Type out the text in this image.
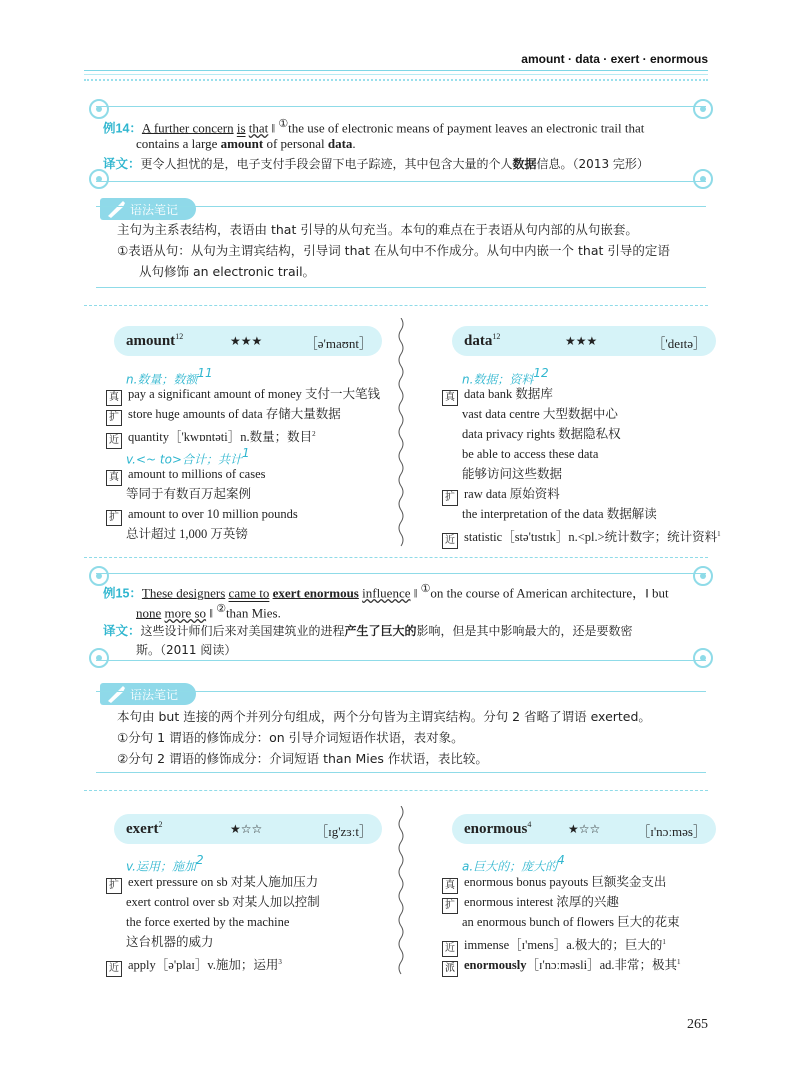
amount · data · exert · enormous
例14：A further concern is that ‖ ①the use of electronic means of payment leaves an electronic trail that
contains a large amount of personal data.
译文：更令人担忧的是，电子支付手段会留下电子踪迹，其中包含大量的个人数据信息。（2013 完形）
语法笔记
主句为主系表结构，表语由 that 引导的从句充当。本句的难点在于表语从句内部的从句嵌套。
①表语从句：从句为主谓宾结构，引导词 that 在从句中不作成分。从句中内嵌一个 that 引导的定语
从句修饰 an electronic trail。
amount$^{12}$	★★★	［ə'maʊnt］
n.数量；数额$^{11}$
真 pay a significant amount of money 支付一大笔钱
扩 store huge amounts of data 存储大量数据
近 quantity［'kwɒntəti］n.数量；数目$^2$
v.<~ to>合计；共计$^1$
真 amount to millions of cases
等同于有数百万起案例
扩 amount to over 10 million pounds
总计超过 1,000 万英镑
data$^{12}$	★★★	［'deɪtə］
n.数据；资料$^{12}$
真 data bank 数据库
vast data centre 大型数据中心
data privacy rights 数据隐私权
be able to access these data
能够访问这些数据
扩 raw data 原始资料
the interpretation of the data 数据解读
近 statistic［stə'tɪstɪk］n.<pl.>统计数字；统计资料$^1$
例15：These designers came to exert enormous influence ‖ ①on the course of American architecture，‖ but
none more so ‖ ②than Mies.
译文：这些设计师们后来对美国建筑业的进程产生了巨大的影响，但是其中影响最大的，还是要数密
斯。（2011 阅读）
语法笔记
本句由 but 连接的两个并列分句组成，两个分句皆为主谓宾结构。分句 2 省略了谓语 exerted。
①分句 1 谓语的修饰成分：on 引导介词短语作状语，表对象。
②分句 2 谓语的修饰成分：介词短语 than Mies 作状语，表比较。
exert$^2$	★☆☆	［ɪg'zɜːt］
v.运用；施加$^2$
扩 exert pressure on sb 对某人施加压力
exert control over sb 对某人加以控制
the force exerted by the machine
这台机器的威力
近 apply［ə'plaɪ］v.施加；运用$^3$
enormous$^4$	★☆☆	［ɪ'nɔːməs］
a.巨大的；庞大的$^4$
真 enormous bonus payouts 巨额奖金支出
扩 enormous interest 浓厚的兴趣
an enormous bunch of flowers 巨大的花束
近 immense［ɪ'mens］a.极大的；巨大的$^1$
派 enormously［ɪ'nɔːməsli］ad.非常；极其$^1$
265
